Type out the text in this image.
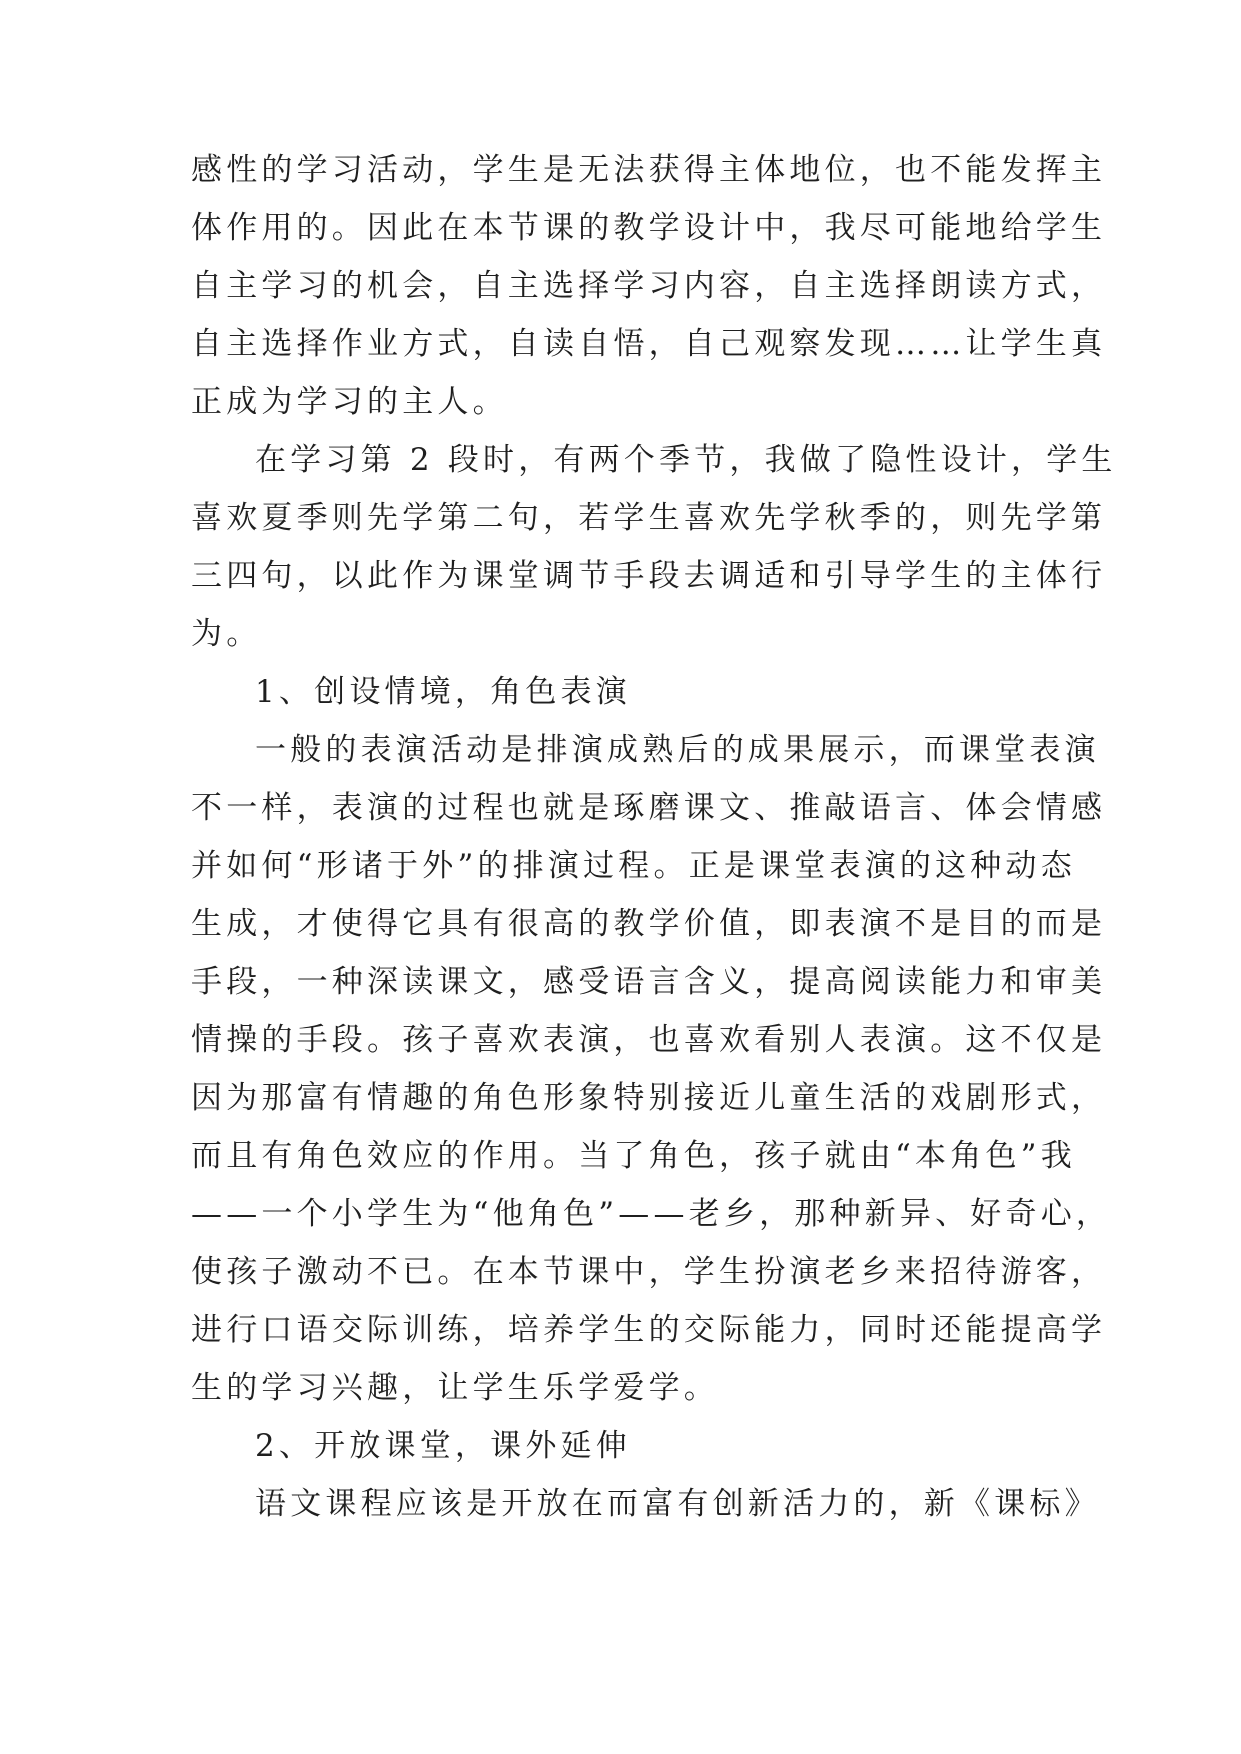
感性的学习活动，学生是无法获得主体地位，也不能发挥主
体作用的。因此在本节课的教学设计中，我尽可能地给学生
自主学习的机会，自主选择学习内容，自主选择朗读方式，
自主选择作业方式，自读自悟，自己观察发现……让学生真
正成为学习的主人。
在学习第 2 段时，有两个季节，我做了隐性设计，学生
喜欢夏季则先学第二句，若学生喜欢先学秋季的，则先学第
三四句，以此作为课堂调节手段去调适和引导学生的主体行
为。
1、创设情境，角色表演
一般的表演活动是排演成熟后的成果展示，而课堂表演
不一样，表演的过程也就是琢磨课文、推敲语言、体会情感
并如何“形诸于外”的排演过程。正是课堂表演的这种动态
生成，才使得它具有很高的教学价值，即表演不是目的而是
手段，一种深读课文，感受语言含义，提高阅读能力和审美
情操的手段。孩子喜欢表演，也喜欢看别人表演。这不仅是
因为那富有情趣的角色形象特别接近儿童生活的戏剧形式，
而且有角色效应的作用。当了角色，孩子就由“本角色”我
——一个小学生为“他角色”——老乡，那种新异、好奇心，
使孩子激动不已。在本节课中，学生扮演老乡来招待游客，
进行口语交际训练，培养学生的交际能力，同时还能提高学
生的学习兴趣，让学生乐学爱学。
2、开放课堂，课外延伸
语文课程应该是开放在而富有创新活力的，新《课标》
